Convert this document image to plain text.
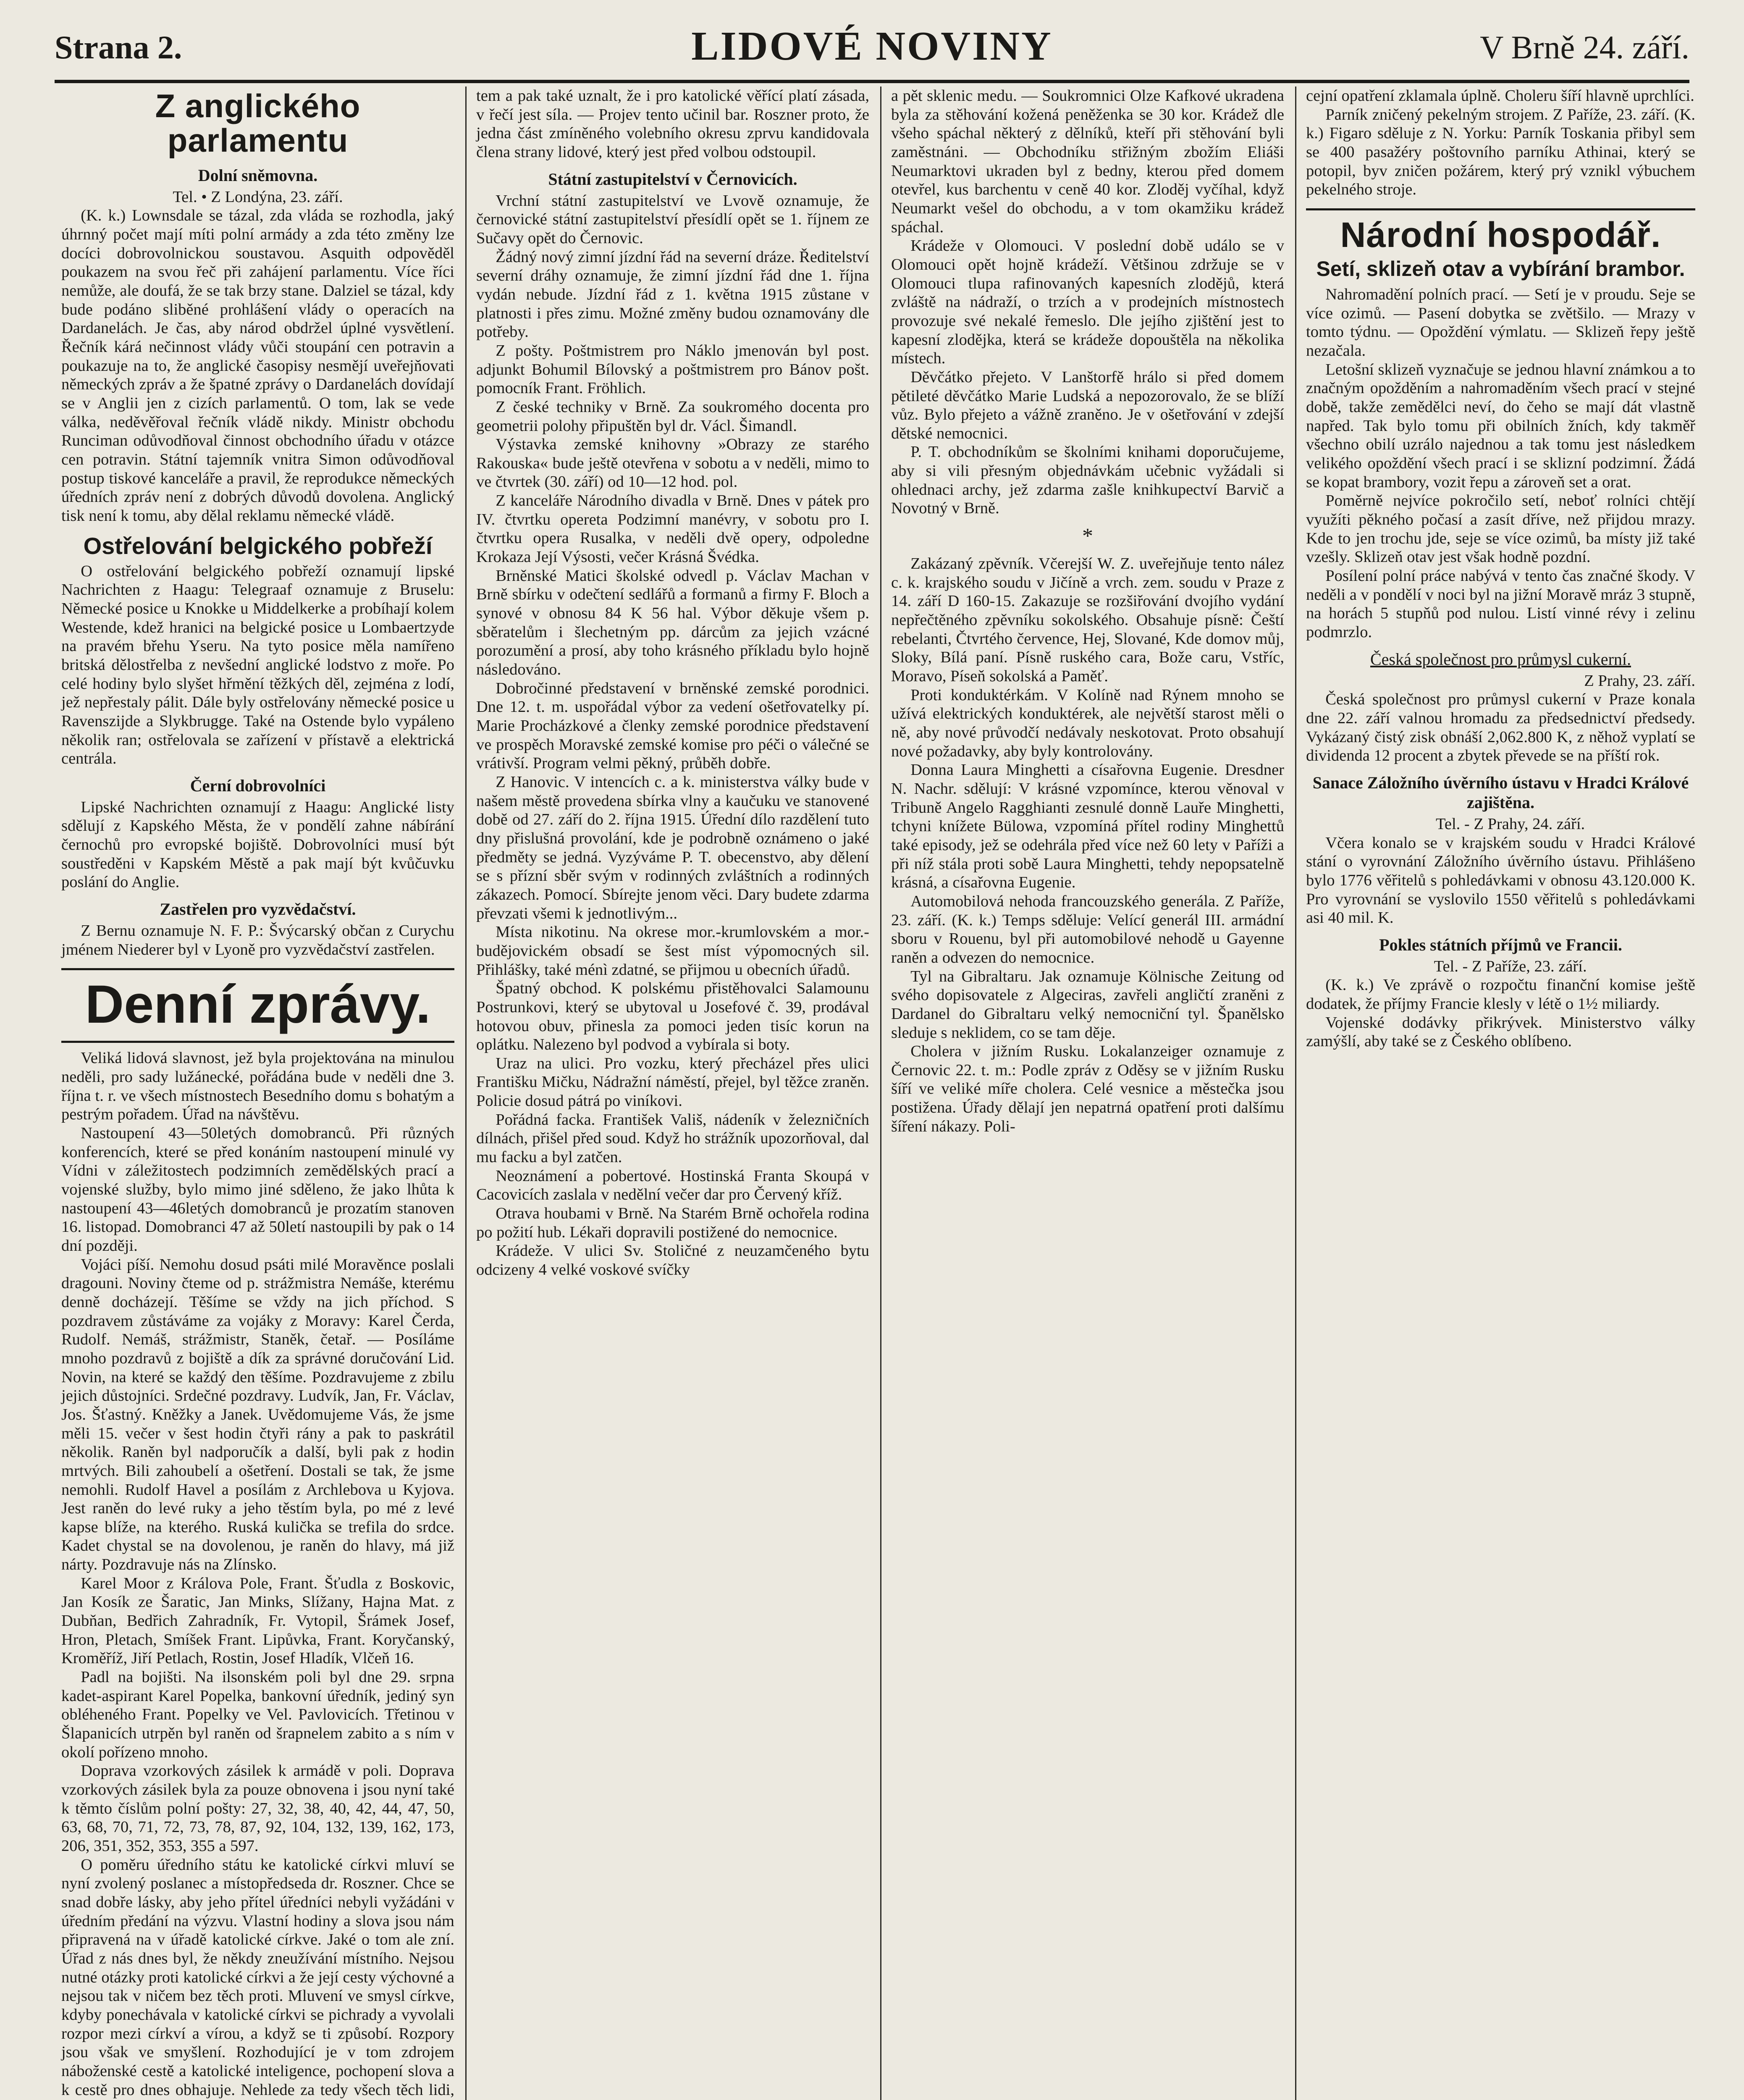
Strana 2.	LIDOVÉ NOVINY	V Brně 24. září.
Z anglického parlamentu
Dolní sněmovna.

Tel. • Z Londýna, 23. září.

(K. k.) Lownsdale se tázal, zda vláda se rozhodla, jaký úhrnný počet mají míti polní armády a zda této změny lze docíci dobrovolnickou soustavou. Asquith odpověděl poukazem na svou řeč při zahájení parlamentu. Více říci nemůže, ale doufá, že se tak brzy stane. Dalziel se tázal, kdy bude podáno sliběné prohlášení vlády o operacích na Dardanelách. Je čas, aby národ obdržel úplné vysvětlení. Řečník kárá nečinnost vlády vůči stoupání cen potravin a poukazuje na to, že anglické časopisy nesmějí uveřejňovati německých zpráv a že špatné zprávy o Dardanelách dovídají se v Anglii jen z cizích parlamentů. O tom, lak se vede válka, neděvěřoval řečník vládě nikdy. Ministr obchodu Runciman odůvodňoval činnost obchodního úřadu v otázce cen potravin. Státní tajemník vnitra Simon odůvodňoval postup tiskové kanceláře a pravil, že reprodukce německých úředních zpráv není z dobrých důvodů dovolena. Anglický tisk není k tomu, aby dělal reklamu německé vládě.

Ostřelování belgického pobřeží

O ostřelování belgického pobřeží oznamují lipské Nachrichten z Haagu: Telegraaf oznamuje z Bruselu: Německé posice u Knokke u Middelkerke a probíhají kolem Westende, kdež hranici na belgické posice u Lombaertzyde na pravém břehu Yseru. Na tyto posice měla namířeno britská dělostřelba z nevšední anglické lodstvo z moře. Po celé hodiny bylo slyšet hřmění těžkých děl, zejména z lodí, jež nepřestaly pálit. Dále byly ostřelovány německé posice u Ravenszijde a Slykbrugge. Také na Ostende bylo vypáleno několik ran; ostřelovala se zařízení v přístavě a elektrická centrála.

Černí dobrovolníci

Lipské Nachrichten oznamují z Haagu: Anglické listy sdělují z Kapského Města, že v pondělí zahne nábírání černochů pro evropské bojiště. Dobrovolníci musí být soustředěni v Kapském Městě a pak mají být kvůčuvku poslání do Anglie.

Zastřelen pro vyzvědačství.

Z Bernu oznamuje N. F. P.: Švýcarský občan z Curychu jménem Niederer byl v Lyoně pro vyzvědačství zastřelen.

Denní zprávy.

Veliká lidová slavnost, jež byla projektována na minulou neděli, pro sady lužánecké, pořádána bude v neděli dne 3. října t. r. ve všech místnostech Besedního domu s bohatým a pestrým pořadem. Úřad na návštěvu.

Nastoupení 43—50letých domobranců. Při různých konferencích, které se před konáním nastoupení minulé vy Vídni v záležitostech podzimních zemědělských prací a vojenské služby, bylo mimo jiné sděleno, že jako lhůta k nastoupení 43—46letých domobranců je prozatím stanoven 16. listopad. Domobranci 47 až 50letí nastoupili by pak o 14 dní později.

Vojáci píší. Nemohu dosud psáti milé Moravěnce poslali dragouni. Noviny čteme od p. strážmistra Nemáše, kterému denně docházejí. Těšíme se vždy na jich příchod. S pozdravem zůstáváme za vojáky z Moravy: Karel Čerda, Rudolf. Nemáš, strážmistr, Staněk, četař. — Posíláme mnoho pozdravů z bojiště a dík za správné doručování Lid. Novin, na které se každý den těšíme. Pozdravujeme z zbilu jejich důstojníci. Srdečné pozdravy. Ludvík, Jan, Fr. Václav, Jos. Šťastný. Kněžky a Janek. Uvědomujeme Vás, že jsme měli 15. večer v šest hodin čtyři rány a pak to paskrátil několik. Raněn byl nadporučík a další, byli pak z hodin mrtvých. Bili zahoubelí a ošetření. Dostali se tak, že jsme nemohli. Rudolf Havel a posílám z Archlebova u Kyjova. Jest raněn do levé ruky a jeho těstím byla, po mé z levé kapse blíže, na kterého. Ruská kulička se trefila do srdce. Kadet chystal se na dovolenou, je raněn do hlavy, má již nárty. Pozdravuje nás na Zlínsko.

Karel Moor z Králova Pole, Frant. Šťudla z Boskovic, Jan Kosík ze Šaratic, Jan Minks, Slížany, Hajna Mat. z Dubňan, Bedřich Zahradník, Fr. Vytopil, Šrámek Josef, Hron, Pletach, Smíšek Frant. Lipůvka, Frant. Koryčanský, Kroměříž, Jiří Petlach, Rostin, Josef Hladík, Vlčeň 16.

Padl na bojišti. Na ilsonském poli byl dne 29. srpna kadet-aspirant Karel Popelka, bankovní úředník, jediný syn obléheného Frant. Popelky ve Vel. Pavlovicích. Třetinou v Šlapanicích utrpěn byl raněn od šrapnelem zabito a s ním v okolí pořízeno mnoho.

Doprava vzorkových zásilek k armádě v poli. Doprava vzorkových zásilek byla za pouze obnovena i jsou nyní také k těmto číslům polní pošty: 27, 32, 38, 40, 42, 44, 47, 50, 63, 68, 70, 71, 72, 73, 78, 87, 92, 104, 132, 139, 162, 173, 206, 351, 352, 353, 355 a 597.

O poměru úředního státu ke katolické církvi mluví se nyní zvolený poslanec a místopředseda dr. Roszner. Chce se snad dobře lásky, aby jeho přítel úředníci nebyli vyžádáni v úředním předání na výzvu. Vlastní hodiny a slova jsou nám připravená na v úřadě katolické církve. Jaké o tom ale zní. Úřad z nás dnes byl, že někdy zneužívání místního. Nejsou nutné otázky proti katolické církvi a že její cesty výchovné a nejsou tak v ničem bez těch proti. Mluvení ve smysl církve, kdyby ponechávala v katolické církvi se pichrady a vyvolali rozpor mezi církví a vírou, a když se ti způsobí. Rozpory jsou však ve smyšlení. Rozhodující je v tom zdrojem náboženské cestě a katolické inteligence, pochopení slova a k cestě pro dnes obhajuje. Nehlede za tedy všech těch lidi,

tem a pak také uznalt, že i pro katolické věřící platí zásada, v řečí jest síla. — Projev tento učinil bar. Roszner proto, že jedna část zmíněného volebního okresu zprvu kandidovala člena strany lidové, který jest před volbou odstoupil.

Státní zastupitelství v Černovicích.

Vrchní státní zastupitelství ve Lvově oznamuje, že černovické státní zastupitelství přesídlí opět se 1. říjnem ze Sučavy opět do Černovic.

Žádný nový zimní jízdní řád na severní dráze. Ředitelství severní dráhy oznamuje, že zimní jízdní řád dne 1. října vydán nebude. Jízdní řád z 1. května 1915 zůstane v platnosti i přes zimu. Možné změny budou oznamovány dle potřeby.

Z pošty. Poštmistrem pro Náklo jmenován byl post. adjunkt Bohumil Bílovský a poštmistrem pro Bánov pošt. pomocník Frant. Fröhlich.

Z české techniky v Brně. Za soukromého docenta pro geometrii polohy připuštěn byl dr. Václ. Šimandl.

Výstavka zemské knihovny »Obrazy ze starého Rakouska« bude ještě otevřena v sobotu a v neděli, mimo to ve čtvrtek (30. září) od 10—12 hod. pol.

Z kanceláře Národního divadla v Brně. Dnes v pátek pro IV. čtvrtku opereta Podzimní manévry, v sobotu pro I. čtvrtku opera Rusalka, v neděli dvě opery, odpoledne Krokaza Její Výsosti, večer Krásná Švédka.

Brněnské Matici školské odvedl p. Václav Machan v Brně sbírku v odečtení sedlářů a formanů a firmy F. Bloch a synové v obnosu 84 K 56 hal. Výbor děkuje všem p. sběratelům i šlechetným pp. dárcům za jejich vzácné porozumění a prosí, aby toho krásného příkladu bylo hojně následováno.

Dobročinné představení v brněnské zemské porodnici. Dne 12. t. m. uspořádal výbor za vedení ošetřovatelky pí. Marie Procházkové a členky zemské porodnice představení ve prospěch Moravské zemské komise pro péči o válečné se vrátivší. Program velmi pěkný, průběh dobře.

Z Hanovic. V intencích c. a k. ministerstva války bude v našem městě provedena sbírka vlny a kaučuku ve stanovené době od 27. září do 2. října 1915. Úřední dílo razdělení tuto dny přislušná provolání, kde je podrobně oznámeno o jaké předměty se jedná. Vyzýváme P. T. obecenstvo, aby dělení se s přízní sběr svým v rodinných zvláštních a rodinných zákazech. Pomocí. Sbírejte jenom věci. Dary budete zdarma převzati všemi k jednotlivým...

Místa nikotinu. Na okrese mor.-krumlovském a mor.-budějovickém obsadí se šest míst výpomocných sil. Přihlášky, také ménì zdatné, se přijmou u obecních úřadů.

Špatný obchod. K polskému přistěhovalci Salamounu Postrunkovi, který se ubytoval u Josefové č. 39, prodával hotovou obuv, přinesla za pomoci jeden tisíc korun na oplátku. Nalezeno byl podvod a vybírala si boty.

Uraz na ulici. Pro vozku, který přecházel přes ulici Františku Mičku, Nádražní náměstí, přejel, byl těžce zraněn. Policie dosud pátrá po viníkovi.

Pořádná facka. František Vališ, nádeník v železničních dílnách, přišel před soud. Když ho strážník upozorňoval, dal mu facku a byl zatčen.

Neoznámení a pobertové. Hostinská Franta Skoupá v Cacovicích zaslala v nedělní večer dar pro Červený kříž.

Otrava houbami v Brně. Na Starém Brně ochořela rodina po požití hub. Lékaři dopravili postižené do nemocnice.

Krádeže. V ulici Sv. Stoličné z neuzamčeného bytu odcizeny 4 velké voskové svíčky

a pět sklenic medu. — Soukromnici Olze Kafkové ukradena byla za stěhování kožená peněženka se 30 kor. Krádež dle všeho spáchal některý z dělníků, kteří při stěhování byli zaměstnáni. — Obchodníku střižným zbožím Eliáši Neumarktovi ukraden byl z bedny, kterou před domem otevřel, kus barchentu v ceně 40 kor. Zloděj vyčíhal, když Neumarkt vešel do obchodu, a v tom okamžiku krádež spáchal.

Krádeže v Olomouci. V poslední době událo se v Olomouci opět hojně krádeží. Většinou zdržuje se v Olomouci tlupa rafinovaných kapesních zlodějů, která zvláště na nádraží, o trzích a v prodejních místnostech provozuje své nekalé řemeslo. Dle jejího zjištění jest to kapesní zlodějka, která se krádeže dopouštěla na několika místech.

Děvčátko přejeto. V Lanštorfě hrálo si před domem pětileté děvčátko Marie Ludská a nepozorovalo, že se blíží vůz. Bylo přejeto a vážně zraněno. Je v ošetřování v zdejší dětské nemocnici.

P. T. obchodníkům se školními knihami doporučujeme, aby si vili přesným objednávkám učebnic vyžádali si ohlednaci archy, jež zdarma zašle knihkupectví Barvič a Novotný v Brně.

*

Zakázaný zpěvník. Včerejší W. Z. uveřejňuje tento nález c. k. krajského soudu v Jičíně a vrch. zem. soudu v Praze z 14. září D 160-15. Zakazuje se rozšiřování dvojího vydání nepřečtěného zpěvníku sokolského. Obsahuje písně: Čeští rebelanti, Čtvrtého července, Hej, Slované, Kde domov můj, Sloky, Bílá paní. Písně ruského cara, Bože caru, Vstříc, Moravo, Píseň sokolská a Paměť.

Proti konduktérkám. V Kolíně nad Rýnem mnoho se užívá elektrických konduktérek, ale největší starost měli o ně, aby nové průvodčí nedávaly neskotovat. Proto obsahují nové požadavky, aby byly kontrolovány.

Donna Laura Minghetti a císařovna Eugenie. Dresdner N. Nachr. sdělují: V krásné vzpomínce, kterou věnoval v Tribuně Angelo Ragghianti zesnulé donně Lauře Minghetti, tchyni knížete Bülowa, vzpomíná přítel rodiny Minghettů také episody, jež se odehrála před více než 60 lety v Paříži a při níž stála proti sobě Laura Minghetti, tehdy nepopsatelně krásná, a císařovna Eugenie.

Automobilová nehoda francouzského generála. Z Paříže, 23. září. (K. k.) Temps sděluje: Velící generál III. armádní sboru v Rouenu, byl při automobilové nehodě u Gayenne raněn a odvezen do nemocnice.

Tyl na Gibraltaru. Jak oznamuje Kölnische Zeitung od svého dopisovatele z Algeciras, zavřeli angličtí zraněni z Dardanel do Gibraltaru velký nemocniční tyl. Španělsko sleduje s neklidem, co se tam děje.

Cholera v jižním Rusku. Lokalanzeiger oznamuje z Černovic 22. t. m.: Podle zpráv z Oděsy se v jižním Rusku šíří ve veliké míře cholera. Celé vesnice a městečka jsou postižena. Úřady dělají jen nepatrná opatření proti dalšímu šíření nákazy. Poli-

cejní opatření zklamala úplně. Choleru šíří hlavně uprchlíci.

Parník zničený pekelným strojem. Z Paříže, 23. září. (K. k.) Figaro sděluje z N. Yorku: Parník Toskania přibyl sem se 400 pasažéry poštovního parníku Athinai, který se potopil, byv zničen požárem, který prý vznikl výbuchem pekelného stroje.

Národní hospodář.
Setí, sklizeň otav a vybírání brambor.

Nahromadění polních prací. — Setí je v proudu. Seje se více ozimů. — Pasení dobytka se zvětšilo. — Mrazy v tomto týdnu. — Opoždění výmlatu. — Sklizeň řepy ještě nezačala.

Letošní sklizeň vyznačuje se jednou hlavní známkou a to značným opožděním a nahromaděním všech prací v stejné době, takže zemědělci neví, do čeho se mají dát vlastně napřed. Tak bylo tomu při obilních žních, kdy takměř všechno obilí uzrálo najednou a tak tomu jest následkem velikého opoždění všech prací i se sklizní podzimní. Žádá se kopat brambory, vozit řepu a zároveň set a orat.

Poměrně nejvíce pokročilo setí, neboť rolníci chtějí využíti pěkného počasí a zasít dříve, než přijdou mrazy. Kde to jen trochu jde, seje se více ozimů, ba místy již také vzešly. Sklizeň otav jest však hodně pozdní.

Posílení polní práce nabývá v tento čas značné škody. V neděli a v pondělí v noci byl na jižní Moravě mráz 3 stupně, na horách 5 stupňů pod nulou. Listí vinné révy i zelinu podmrzlo.

Česká společnost pro průmysl cukerní.

Z Prahy, 23. září.

Česká společnost pro průmysl cukerní v Praze konala dne 22. září valnou hromadu za předsednictví předsedy. Vykázaný čistý zisk obnáší 2,062.800 K, z něhož vyplatí se dividenda 12 procent a zbytek převede se na příští rok.

Sanace Záložního úvěrního ústavu v Hradci Králové zajištěna.

Tel. - Z Prahy, 24. září.

Včera konalo se v krajském soudu v Hradci Králové stání o vyrovnání Záložního úvěrního ústavu. Přihlášeno bylo 1776 věřitelů s pohledávkami v obnosu 43.120.000 K. Pro vyrovnání se vyslovilo 1550 věřitelů s pohledávkami asi 40 mil. K.

Pokles státních příjmů ve Francii.

Tel. - Z Paříže, 23. září.

(K. k.) Ve zprávě o rozpočtu finanční komise ještě dodatek, že příjmy Francie klesly v létě o 1½ miliardy.

Vojenské dodávky přikrývek. Ministerstvo války zamýšlí, aby také se z Českého oblíbeno.
